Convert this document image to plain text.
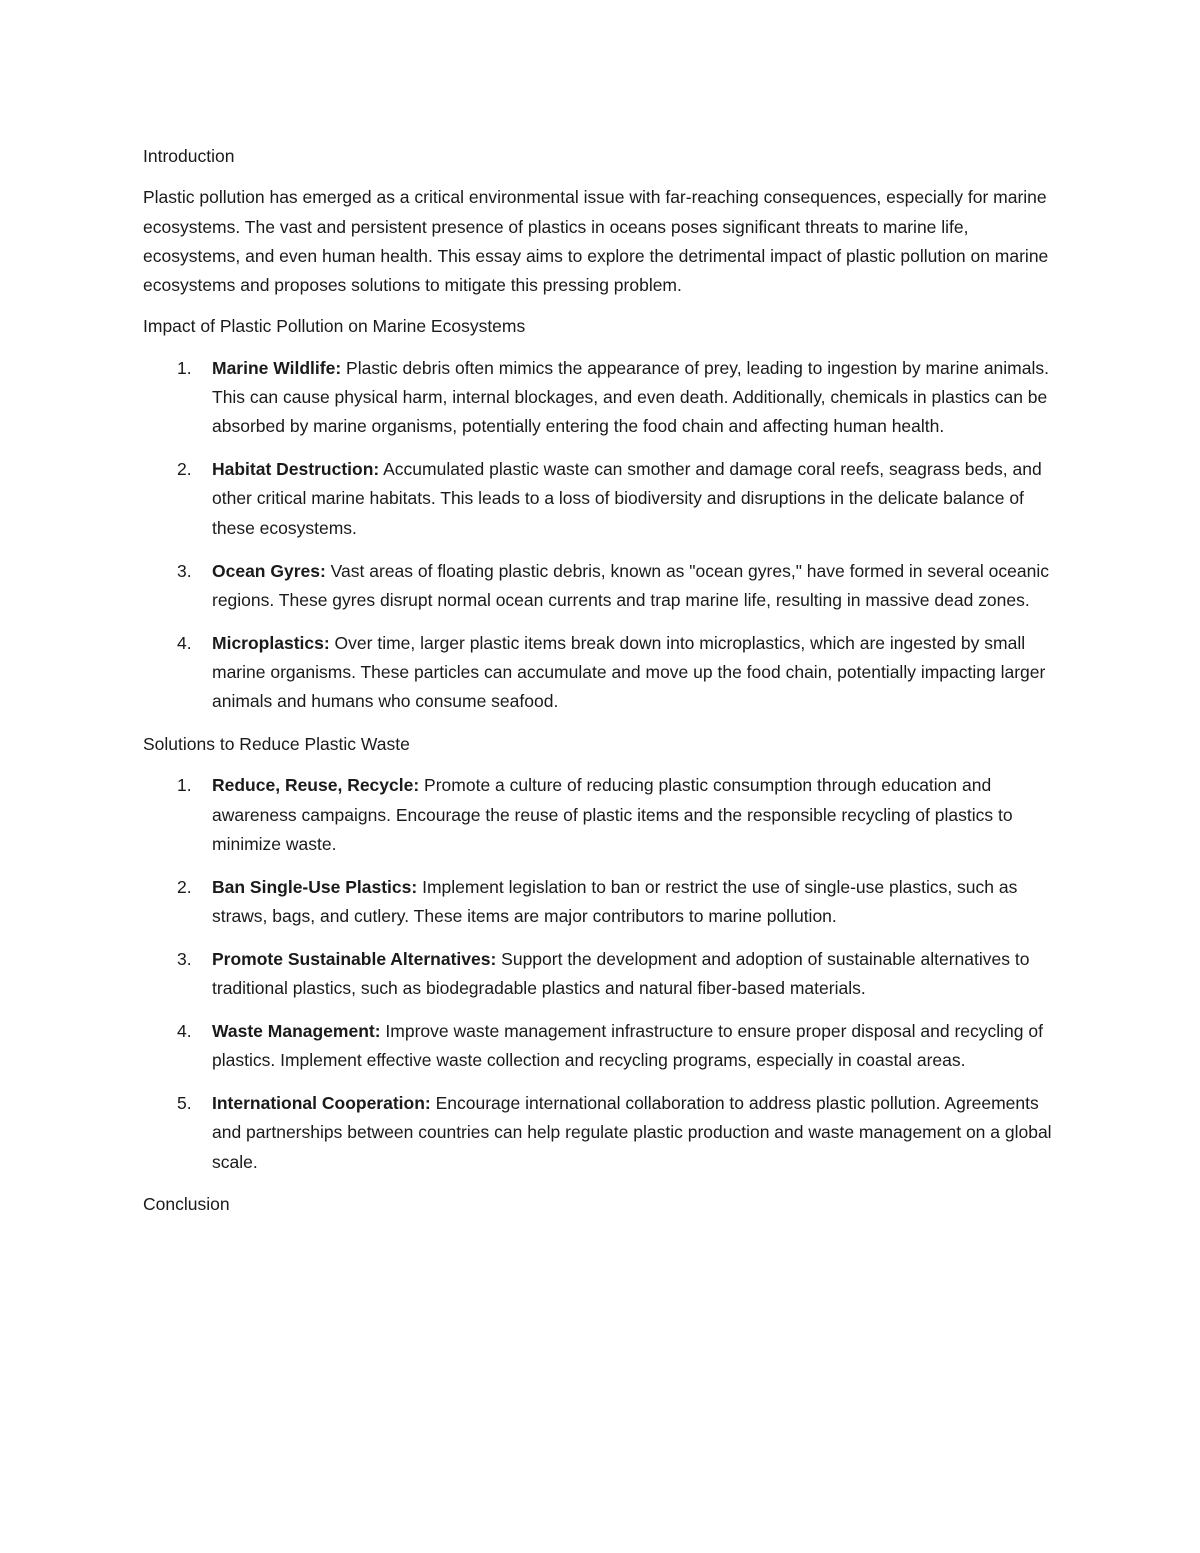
Introduction

Plastic pollution has emerged as a critical environmental issue with far-reaching consequences, especially for marine ecosystems. The vast and persistent presence of plastics in oceans poses significant threats to marine life, ecosystems, and even human health. This essay aims to explore the detrimental impact of plastic pollution on marine ecosystems and proposes solutions to mitigate this pressing problem.

Impact of Plastic Pollution on Marine Ecosystems

1. Marine Wildlife: Plastic debris often mimics the appearance of prey, leading to ingestion by marine animals. This can cause physical harm, internal blockages, and even death. Additionally, chemicals in plastics can be absorbed by marine organisms, potentially entering the food chain and affecting human health.
2. Habitat Destruction: Accumulated plastic waste can smother and damage coral reefs, seagrass beds, and other critical marine habitats. This leads to a loss of biodiversity and disruptions in the delicate balance of these ecosystems.
3. Ocean Gyres: Vast areas of floating plastic debris, known as "ocean gyres," have formed in several oceanic regions. These gyres disrupt normal ocean currents and trap marine life, resulting in massive dead zones.
4. Microplastics: Over time, larger plastic items break down into microplastics, which are ingested by small marine organisms. These particles can accumulate and move up the food chain, potentially impacting larger animals and humans who consume seafood.

Solutions to Reduce Plastic Waste

1. Reduce, Reuse, Recycle: Promote a culture of reducing plastic consumption through education and awareness campaigns. Encourage the reuse of plastic items and the responsible recycling of plastics to minimize waste.
2. Ban Single-Use Plastics: Implement legislation to ban or restrict the use of single-use plastics, such as straws, bags, and cutlery. These items are major contributors to marine pollution.
3. Promote Sustainable Alternatives: Support the development and adoption of sustainable alternatives to traditional plastics, such as biodegradable plastics and natural fiber-based materials.
4. Waste Management: Improve waste management infrastructure to ensure proper disposal and recycling of plastics. Implement effective waste collection and recycling programs, especially in coastal areas.
5. International Cooperation: Encourage international collaboration to address plastic pollution. Agreements and partnerships between countries can help regulate plastic production and waste management on a global scale.

Conclusion
